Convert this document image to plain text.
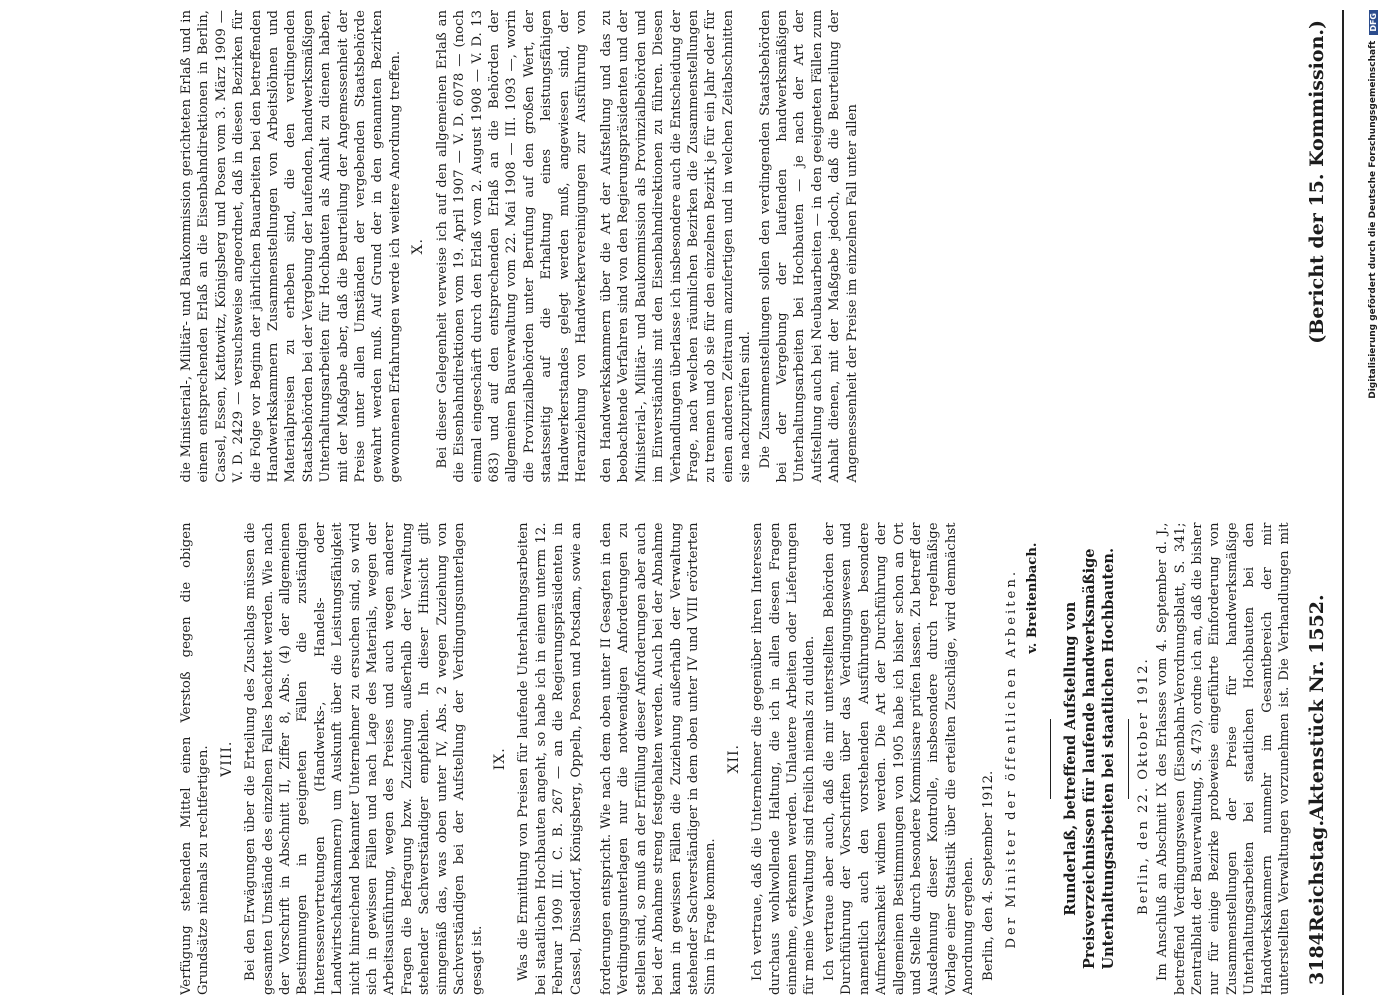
Verfügung stehenden Mittel einen Verstoß gegen die obigen Grundsätze niemals zu rechtfertigen. VIII. Bei den Erwägungen über die Erteilung des Zuschlags müssen die gesamten Umstände des einzelnen Falles beachtet werden. Wie nach der Vorschrift in Abschnitt II, Ziffer 8, Abs. (4) der allgemeinen Bestimmungen in geeigneten Fällen die zuständigen Interessenvertretungen (Handwerks-, Handels- oder Landwirtschaftskammern) um Auskunft über die Leistungsfähigkeit nicht hinreichend bekannter Unternehmer zu ersuchen sind, so wird sich in gewissen Fällen und nach Lage des Materials, wegen der Arbeitsausführung, wegen des Preises und auch wegen anderer Fragen die Befragung bzw. Zuziehung außerhalb der Verwaltung stehender Sachverständiger empfehlen. In dieser Hinsicht gilt sinngemäß das, was oben unter IV, Abs. 2 wegen Zuziehung von Sachverständigen bei der Aufstellung der Verdingungsunterlagen gesagt ist.

IX. Was die Ermittlung von Preisen für laufende Unterhaltungsarbeiten bei staatlichen Hochbauten angeht, so habe ich in einem unterm 12. Februar 1909 III. C. B. 267 — an die Regierungspräsidenten in Cassel, Düsseldorf, Königsberg, Oppeln, Posen und Potsdam, sowie an die Ministerial-, Militär- und Baukommission gerichteten Erlaß und in einem entsprechenden Erlaß an die Eisenbahndirektionen in Berlin, Cassel, Essen, Kattowitz, Königsberg und Posen vom 3. März 1909 — V. D. 2429 — versuchsweise angeordnet, daß in diesen Bezirken für die Folge vor Beginn der jährlichen Bauarbeiten bei den betreffenden Handwerkskammern Zusammenstellungen von Arbeitslöhnen und Materialpreisen zu erheben sind, die den verdingenden Staatsbehörden bei der Vergebung der laufenden, handwerksmäßigen Unterhaltungsarbeiten für Hochbauten als Anhalt zu dienen haben, mit der Maßgabe aber, daß die Beurteilung der Angemessenheit der Preise unter allen Umständen der vergebenden Staatsbehörde gewahrt werden muß. Auf Grund der in den genannten Bezirken gewonnenen Erfahrungen werde ich weitere Anordnung treffen. X.

Bei dieser Gelegenheit verweise ich auf den allgemeinen Erlaß an die Eisenbahndirektionen vom 19. April 1907 — V. D. 6078 — (noch einmal eingeschärft durch den Erlaß vom 2. August 1908 — V. D. 13 683) und auf den entsprechenden Erlaß an die Behörden der allgemeinen Bauverwaltung vom 22. Mai 1908 — III. 1093 —, worin die Provinzialbehörden unter Berufung auf den großen Wert, der staatsseitig auf die Erhaltung eines leistungsfähigen Handwerkerstandes gelegt werden muß, angewiesen sind, der Heranziehung von Handwerkervereinigungen zur Ausführung von

forderungen entspricht. Wie nach dem oben unter II Gesagten in den Verdingungsunterlagen nur die notwendigen Anforderungen zu stellen sind, so muß an der Erfüllung dieser Anforderungen aber auch bei der Abnahme streng festgehalten werden. Auch bei der Abnahme kann in gewissen Fällen die Zuziehung außerhalb der Verwaltung stehender Sachverständiger in dem oben unter IV und VIII erörterten Sinn in Frage kommen.

XII. Ich vertraue, daß die Unternehmer die gegenüber ihren Interessen durchaus wohlwollende Haltung, die ich in allen diesen Fragen einnehme, erkennen werden. Unlautere Arbeiten oder Lieferungen für meine Verwaltung sind freilich niemals zu dulden. Ich vertraue aber auch, daß die mir unterstellten Behörden der Durchführung der Vorschriften über das Verdingungswesen und namentlich auch den vorstehenden Ausführungen besondere Aufmerksamkeit widmen werden. Die Art der Durchführung der allgemeinen Bestimmungen von 1905 habe ich bisher schon an Ort und Stelle durch besondere Kommissare prüfen lassen. Zu betreff der Ausdehnung dieser Kontrolle, insbesondere durch regelmäßige Vorlage einer Statistik über die erteilten Zuschläge, wird demnächst Anordnung ergehen. Berlin, den 4. September 1912. Der Minister der öffentlichen Arbeiten. v. Breitenbach.

Runderlaß, betreffend Aufstellung von Preisverzeichnissen für laufende handwerksmäßige Unterhaltungsarbeiten bei staatlichen Hochbauten. Berlin, den 22. Oktober 1912. Im Anschluß an Abschnitt IX des Erlasses vom 4. September d. J., betreffend Verdingungswesen (Eisenbahn-Verordnungsblatt, S. 341; Zentralblatt der Bauverwaltung, S. 473), ordne ich an, daß die bisher nur für einige Bezirke probeweise eingeführte Einforderung von Zusammenstellungen der Preise für handwerksmäßige Unterhaltungsarbeiten bei staatlichen Hochbauten bei den Handwerkskammern nunmehr im Gesamtbereich der mir unterstellten Verwaltungen vorzunehmen ist. Die Verhandlungen mit den Handwerkskammern über die Art der Aufstellung und das zu beobachtende Verfahren sind von den Regierungspräsidenten und der Ministerial-, Militär- und Baukommission als Provinzialbehörden und im Einverständnis mit den Eisenbahndirektionen zu führen. Diesen Verhandlungen überlasse ich insbesondere auch die Entscheidung der Frage, nach welchen räumlichen Bezirken die Zusammenstellungen zu trennen und ob sie für den einzelnen Bezirk je für ein Jahr oder für einen anderen Zeitraum anzufertigen und in welchen Zeitabschnitten sie nachzuprüfen sind. Die Zusammenstellungen sollen den verdingenden Staatsbehörden bei der Vergebung der laufenden handwerksmäßigen Unterhaltungsarbeiten bei Hochbauten — je nach der Art der Aufstellung auch bei Neubauarbeiten — in den geeigneten Fällen zum Anhalt dienen, mit der Maßgabe jedoch, daß die Beurteilung der Angemessenheit der Preise im einzelnen Fall unter allen

3184
Reichstag.
Aktenstück Nr. 1552.
(Bericht der 15. Kommission.)	Digitalisierung gefördert durch die Deutsche Forschungsgemeinschaft
DFG
